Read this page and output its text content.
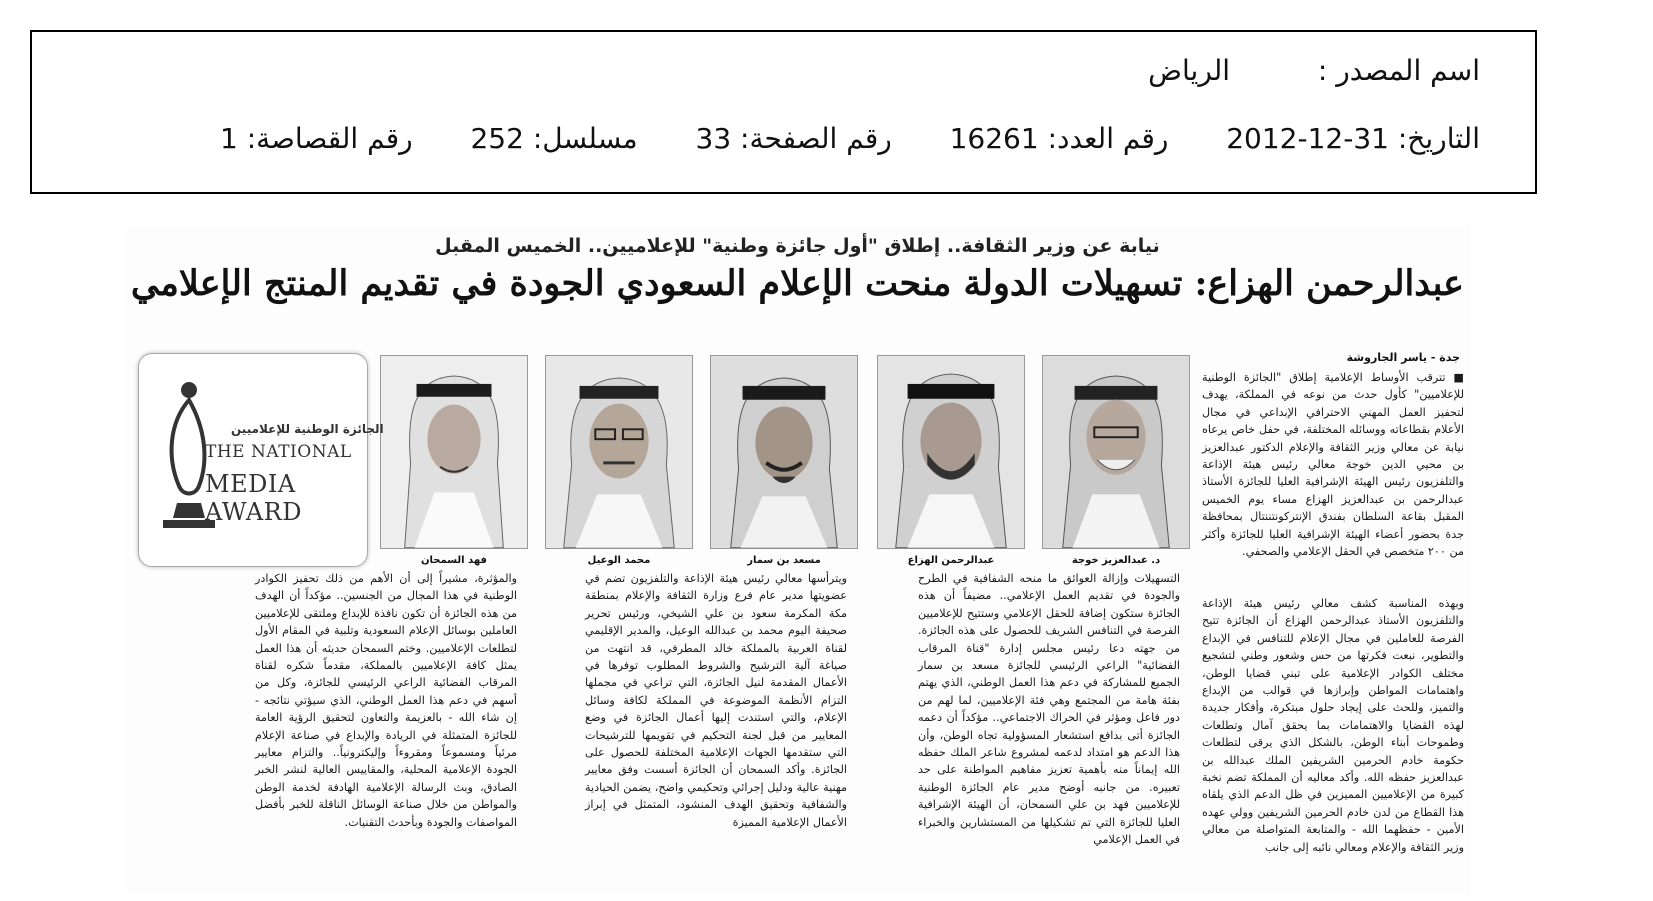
اسم المصدر :  الرياض
التاريخ: 2012-12-31  رقم العدد: 16261  رقم الصفحة: 33  مسلسل: 252  رقم القصاصة: 1
نيابة عن وزير الثقافة.. إطلاق "أول جائزة وطنية" للإعلاميين.. الخميس المقبل
عبدالرحمن الهزاع: تسهيلات الدولة منحت الإعلام السعودي الجودة في تقديم المنتج الإعلامي
جدة - ياسر الجاروشة
■ تترقب الأوساط الإعلامية إطلاق "الجائزة الوطنية للإعلاميين" كأول حدث من نوعه في المملكة، يهدف لتحفيز العمل المهني الاحترافي الإبداعي في مجال الأعلام بقطاعاته ووسائله المختلفة، في حفل خاص يرعاه نيابة عن معالي وزير الثقافة والإعلام الدكتور عبدالعزيز بن محيي الدين خوجة معالي رئيس هيئة الإذاعة والتلفزيون رئيس الهيئة الإشرافية العليا للجائزة الأستاذ عبدالرحمن بن عبدالعزيز الهزاع مساء يوم الخميس المقبل بقاعة السلطان بفندق الإنتركونتننتال بمحافظة جدة بحضور أعضاء الهيئة الإشرافية العليا للجائزة وأكثر من ٢٠٠ متخصص في الحقل الإعلامي والصحفي.
وبهذه المناسبة كشف معالي رئيس هيئة الإذاعة والتلفزيون الأستاذ عبدالرحمن الهزاع أن الجائزة تتيح الفرصة للعاملين في مجال الإعلام للتنافس في الإبداع والتطوير، نبعت فكرتها من حس وشعور وطني لتشجيع مختلف الكوادر الإعلامية على تبني قضايا الوطن، واهتمامات المواطن وإبرازها في قوالب من الإبداع والتميز، وللحث على إيجاد حلول مبتكرة، وأفكار جديدة لهذه القضايا والاهتمامات بما يحقق آمال وتطلعات وطموحات أبناء الوطن، بالشكل الذي يرقى لتطلعات حكومة خادم الحرمين الشريفين الملك عبدالله بن عبدالعزيز حفظه الله. وأكد معاليه أن المملكة تضم نخبة كبيرة من الإعلاميين المميزين في ظل الدعم الذي يلقاه هذا القطاع من لدن خادم الحرمين الشريفين وولي عهده الأمين - حفظهما الله - والمتابعة المتواصلة من معالي وزير الثقافة والإعلام ومعالي نائبه إلى جانب
التسهيلات وإزالة العوائق ما منحه الشفافية في الطرح والجودة في تقديم العمل الإعلامي.. مضيفاً أن هذه الجائزة ستكون إضافة للحقل الإعلامي وستتيح للإعلاميين الفرصة في التنافس الشريف للحصول على هذه الجائزة. من جهته دعا رئيس مجلس إدارة "قناة المرقاب الفضائية" الراعي الرئيسي للجائزة مسعد بن سمار الجميع للمشاركة في دعم هذا العمل الوطني، الذي يهتم بفئة هامة من المجتمع وهي فئة الإعلاميين، لما لهم من دور فاعل ومؤثر في الحراك الاجتماعي.. مؤكداً أن دعمه الجائزة أتى بدافع استشعار المسؤولية تجاه الوطن، وأن هذا الدعم هو امتداد لدعمه لمشروع شاعر الملك حفظه الله إيماناً منه بأهمية تعزيز مفاهيم المواطنة على حد تعبيره. من جانبه أوضح مدير عام الجائزة الوطنية للإعلاميين فهد بن علي السمحان، أن الهيئة الإشرافية العليا للجائزة التي تم تشكيلها من المستشارين والخبراء في العمل الإعلامي
ويترأسها معالي رئيس هيئة الإذاعة والتلفزيون تضم في عضويتها مدير عام فرع وزارة الثقافة والإعلام بمنطقة مكة المكرمة سعود بن علي الشيخي، ورئيس تحرير صحيفة اليوم محمد بن عبدالله الوعيل، والمدير الإقليمي لقناة العربية بالمملكة خالد المطرفي، قد انتهت من صياغة آلية الترشيح والشروط المطلوب توفرها في الأعمال المقدمة لنيل الجائزة، التي تراعي في مجملها التزام الأنظمة الموضوعة في المملكة لكافة وسائل الإعلام، والتي استندت إليها أعمال الجائزة في وضع المعايير من قبل لجنة التحكيم في تقويمها للترشيحات التي ستقدمها الجهات الإعلامية المختلفة للحصول على الجائزة. وأكد السمحان أن الجائزة أسست وفق معايير مهنية عالية ودليل إجرائي وتحكيمي واضح، يضمن الحيادية والشفافية وتحقيق الهدف المنشود، المتمثل في إبراز الأعمال الإعلامية المميزة
والمؤثرة، مشيراً إلى أن الأهم من ذلك تحفيز الكوادر الوطنية في هذا المجال من الجنسين.. مؤكداً أن الهدف من هذه الجائزة أن تكون نافذة للإبداع وملتقى للإعلاميين العاملين بوسائل الإعلام السعودية وتلبية في المقام الأول لتطلعات الإعلاميين. وختم السمحان حديثه أن هذا العمل يمثل كافة الإعلاميين بالمملكة، مقدماً شكره لقناة المرقاب الفضائية الراعي الرئيسي للجائزة، وكل من أسهم في دعم هذا العمل الوطني، الذي سيؤتي نتائجه - إن شاء الله - بالعزيمة والتعاون لتحقيق الرؤية العامة للجائزة المتمثلة في الريادة والإبداع في صناعة الإعلام مرئياً ومسموعاً ومقروءاً وإليكترونياً.. والتزام معايير الجودة الإعلامية المحلية، والمقاييس العالية لنشر الخبر الصادق، وبث الرسالة الإعلامية الهادفة لخدمة الوطن والمواطن من خلال صناعة الوسائل الناقلة للخبر بأفضل المواصفات والجودة وبأحدث التقنيات.
د. عبدالعزيز خوجة
عبدالرحمن الهزاع
مسعد بن سمار
محمد الوعيل
فهد السمحان
الجائزة الوطنية للإعلاميين
THE NATIONAL
MEDIA
AWARD
